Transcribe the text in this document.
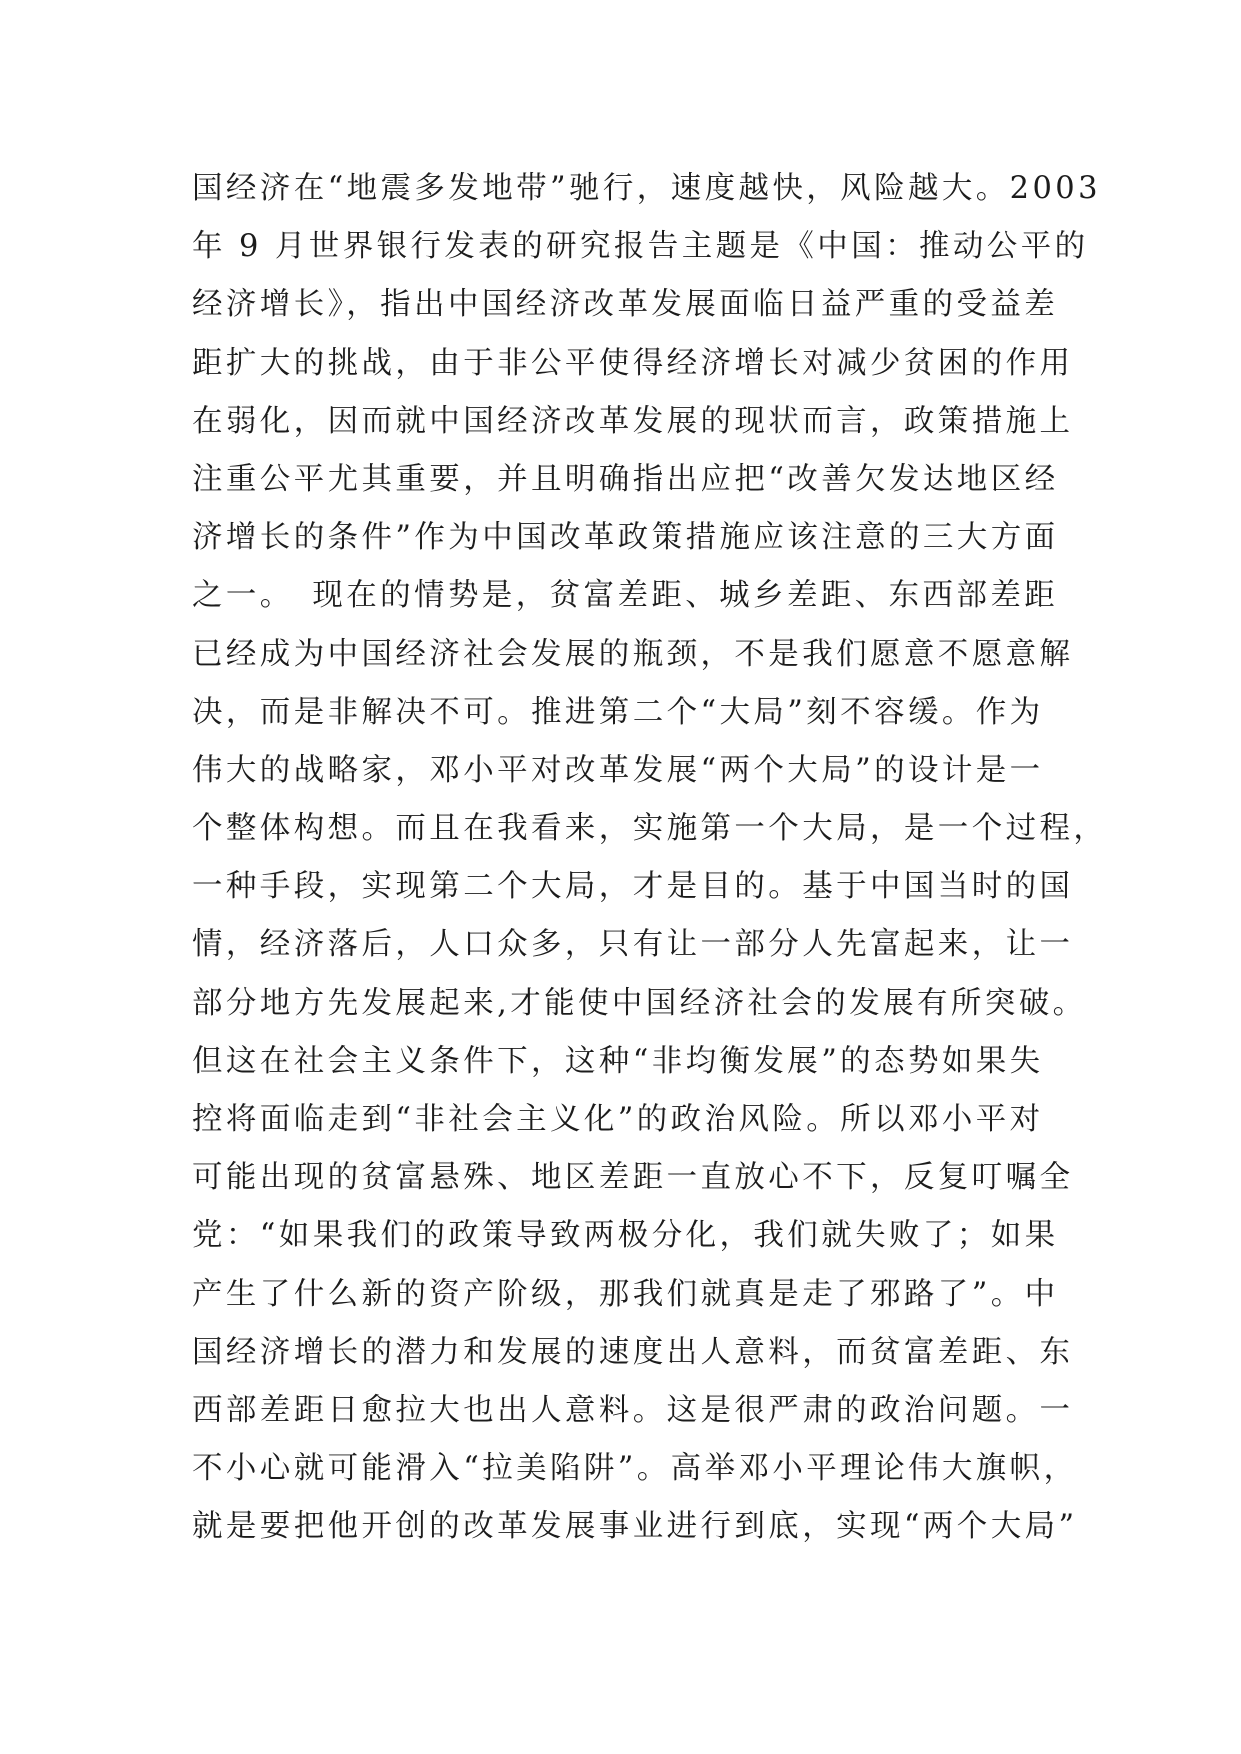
国经济在“地震多发地带”驰行，速度越快，风险越大。2003
年 9 月世界银行发表的研究报告主题是《中国：推动公平的
经济增长》，指出中国经济改革发展面临日益严重的受益差
距扩大的挑战，由于非公平使得经济增长对减少贫困的作用
在弱化，因而就中国经济改革发展的现状而言，政策措施上
注重公平尤其重要，并且明确指出应把“改善欠发达地区经
济增长的条件”作为中国改革政策措施应该注意的三大方面
之一。　现在的情势是，贫富差距、城乡差距、东西部差距
已经成为中国经济社会发展的瓶颈，不是我们愿意不愿意解
决，而是非解决不可。推进第二个“大局”刻不容缓。作为
伟大的战略家，邓小平对改革发展“两个大局”的设计是一
个整体构想。而且在我看来，实施第一个大局，是一个过程，
一种手段，实现第二个大局，才是目的。基于中国当时的国
情，经济落后，人口众多，只有让一部分人先富起来，让一
部分地方先发展起来,才能使中国经济社会的发展有所突破。
但这在社会主义条件下，这种“非均衡发展”的态势如果失
控将面临走到“非社会主义化”的政治风险。所以邓小平对
可能出现的贫富悬殊、地区差距一直放心不下，反复叮嘱全
党：“如果我们的政策导致两极分化，我们就失败了；如果
产生了什么新的资产阶级，那我们就真是走了邪路了”。中
国经济增长的潜力和发展的速度出人意料，而贫富差距、东
西部差距日愈拉大也出人意料。这是很严肃的政治问题。一
不小心就可能滑入“拉美陷阱”。高举邓小平理论伟大旗帜，
就是要把他开创的改革发展事业进行到底，实现“两个大局”
